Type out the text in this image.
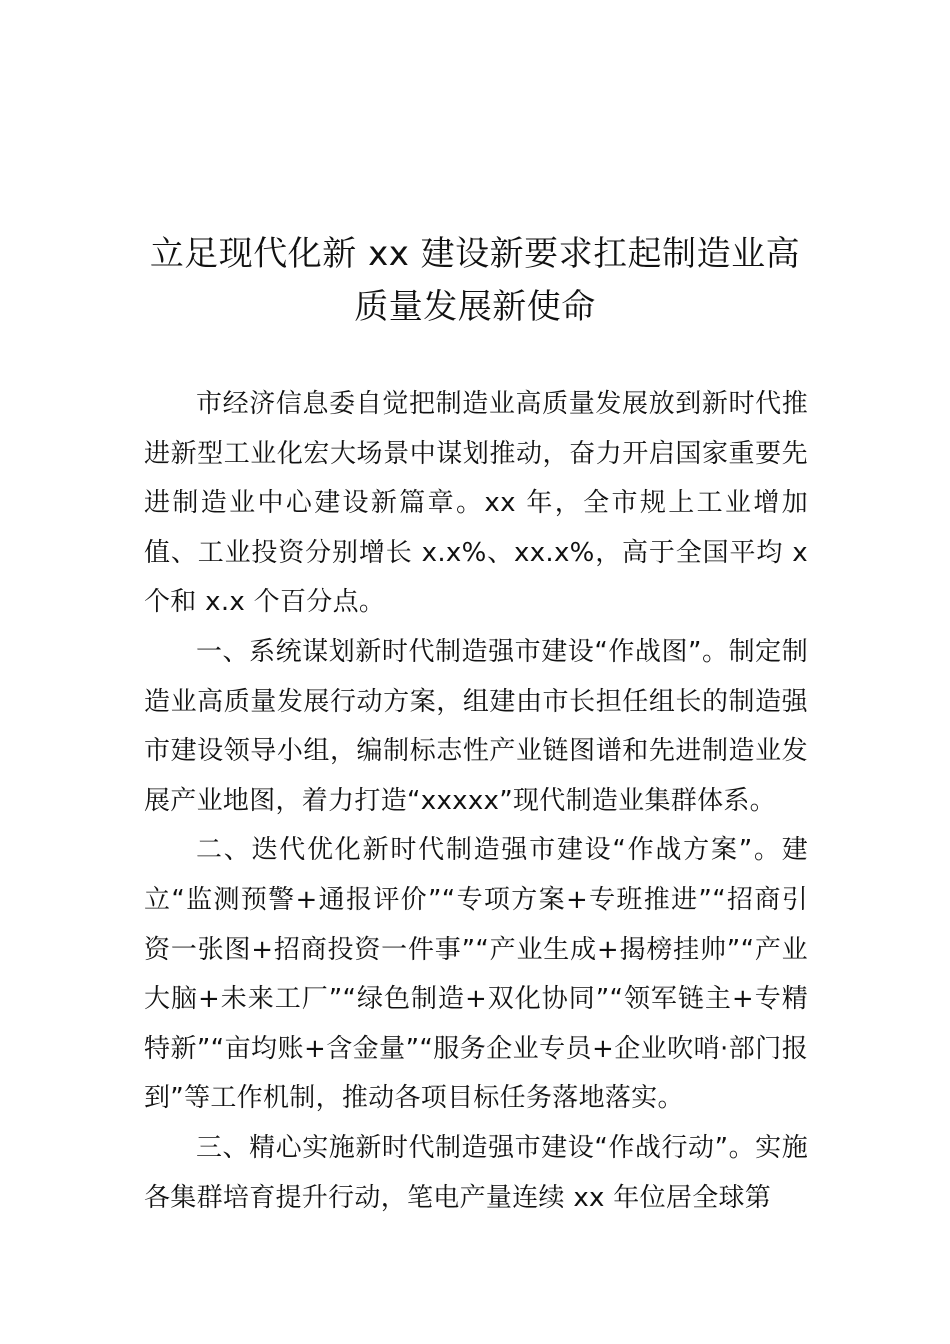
立足现代化新 xx 建设新要求扛起制造业高
质量发展新使命

市经济信息委自觉把制造业高质量发展放到新时代推进新型工业化宏大场景中谋划推动，奋力开启国家重要先进制造业中心建设新篇章。xx 年，全市规上工业增加值、工业投资分别增长 x.x%、xx.x%，高于全国平均 x 个和 x.x 个百分点。

一、系统谋划新时代制造强市建设“作战图”。制定制造业高质量发展行动方案，组建由市长担任组长的制造强市建设领导小组，编制标志性产业链图谱和先进制造业发展产业地图，着力打造“xxxxx”现代制造业集群体系。

二、迭代优化新时代制造强市建设“作战方案”。建立“监测预警+通报评价”“专项方案+专班推进”“招商引资一张图+招商投资一件事”“产业生成+揭榜挂帅”“产业大脑+未来工厂”“绿色制造+双化协同”“领军链主+专精特新”“亩均账+含金量”“服务企业专员+企业吹哨·部门报到”等工作机制，推动各项目标任务落地落实。

三、精心实施新时代制造强市建设“作战行动”。实施各集群培育提升行动，笔电产量连续 xx 年位居全球第
